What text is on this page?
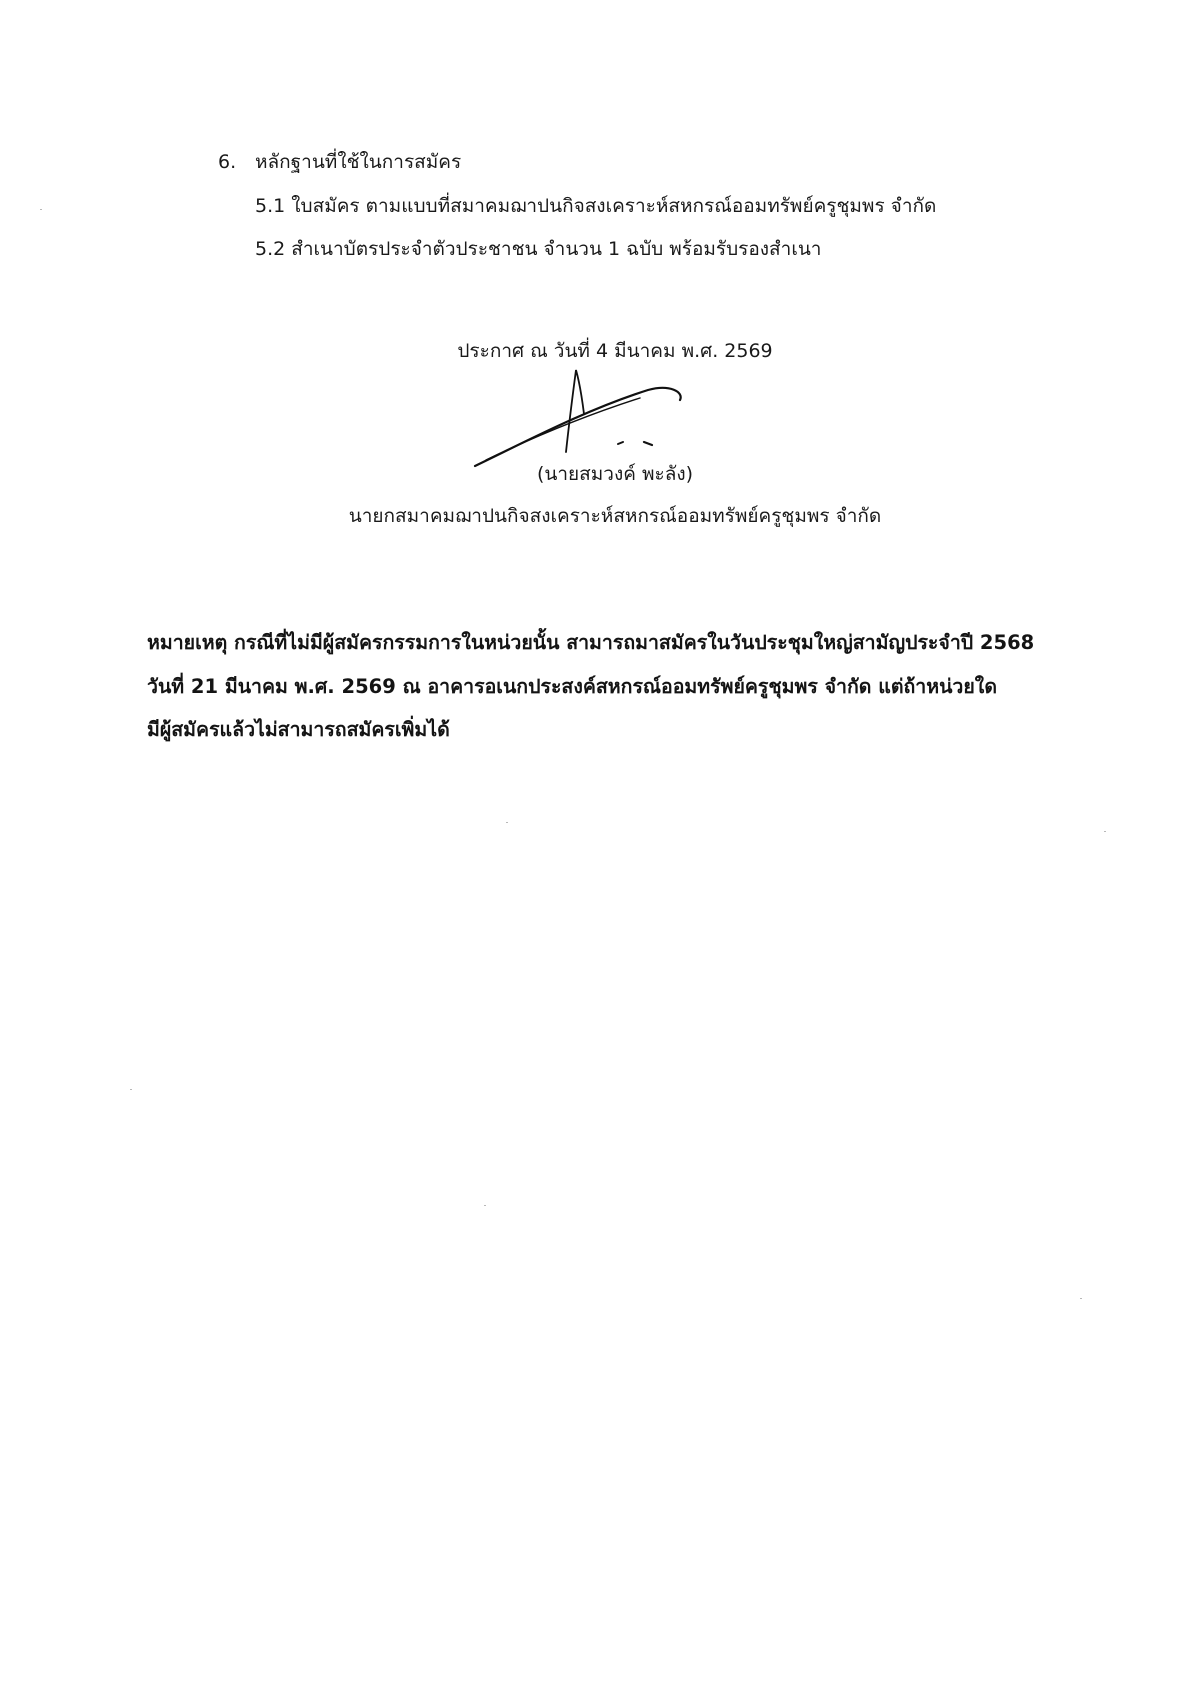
6. หลักฐานที่ใช้ในการสมัคร
5.1 ใบสมัคร ตามแบบที่สมาคมฌาปนกิจสงเคราะห์สหกรณ์ออมทรัพย์ครูชุมพร จำกัด
5.2 สำเนาบัตรประจำตัวประชาชน จำนวน 1 ฉบับ พร้อมรับรองสำเนา
ประกาศ ณ วันที่ 4 มีนาคม พ.ศ. 2569
(นายสมวงค์ พะลัง)
นายกสมาคมฌาปนกิจสงเคราะห์สหกรณ์ออมทรัพย์ครูชุมพร จำกัด
หมายเหตุ กรณีที่ไม่มีผู้สมัครกรรมการในหน่วยนั้น สามารถมาสมัครในวันประชุมใหญ่สามัญประจำปี 2568
วันที่ 21 มีนาคม พ.ศ. 2569 ณ อาคารอเนกประสงค์สหกรณ์ออมทรัพย์ครูชุมพร จำกัด แต่ถ้าหน่วยใด
มีผู้สมัครแล้วไม่สามารถสมัครเพิ่มได้
